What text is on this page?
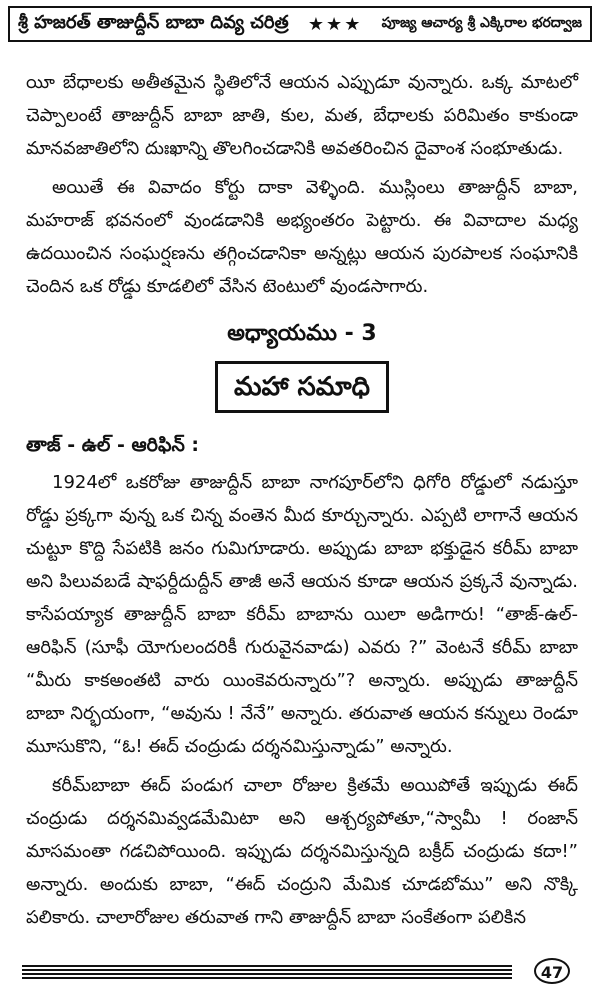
శ్రీ హజరత్ తాజుద్దీన్ బాబా దివ్య చరిత్ర ★★★ పూజ్య ఆచార్య శ్రీ ఎక్కిరాల భరద్వాజ

యీ బేధాలకు అతీతమైన స్థితిలోనే ఆయన ఎప్పుడూ వున్నారు. ఒక్క మాటలో చెప్పాలంటే తాజుద్దీన్ బాబా జాతి, కుల, మత, బేధాలకు పరిమితం కాకుండా మానవజాతిలోని దుఃఖాన్ని తొలగించడానికి అవతరించిన దైవాంశ సంభూతుడు.

అయితే ఈ వివాదం కోర్టు దాకా వెళ్ళింది. ముస్లింలు తాజుద్దీన్ బాబా, మహరాజ్ భవనంలో వుండడానికి అభ్యంతరం పెట్టారు. ఈ వివాదాల మధ్య ఉదయించిన సంఘర్షణను తగ్గించడానికా అన్నట్లు ఆయన పురపాలక సంఘానికి చెందిన ఒక రోడ్డు కూడలిలో వేసిన టెంటులో వుండసాగారు.

అధ్యాయము - 3
మహా సమాధి
తాజ్ - ఉల్ - ఆరిఫిన్ :

1924లో ఒకరోజు తాజుద్దీన్ బాబా నాగపూర్‌లోని ధిగోరి రోడ్డులో నడుస్తూ రోడ్డు ప్రక్కగా వున్న ఒక చిన్న వంతెన మీద కూర్చున్నారు. ఎప్పటి లాగానే ఆయన చుట్టూ కొద్ది సేపటికి జనం గుమిగూడారు. అప్పుడు బాబా భక్తుడైన కరీమ్ బాబా అని పిలువబడే షాఫర్దీదుద్దీన్ తాజీ అనే ఆయన కూడా ఆయన ప్రక్కనే వున్నాడు. కాసేపయ్యాక తాజుద్దీన్ బాబా కరీమ్ బాబాను యిలా అడిగారు! “తాజ్-ఉల్-ఆరిఫిన్ (సూఫీ యోగులందరికీ గురువైనవాడు) ఎవరు ?” వెంటనే కరీమ్ బాబా “మీరు కాకఅంతటి వారు యింకెవరున్నారు”? అన్నారు. అప్పుడు తాజుద్దీన్ బాబా నిర్భయంగా, “అవును ! నేనే” అన్నారు. తరువాత ఆయన కన్నులు రెండూ మూసుకొని, “ఓ! ఈద్ చంద్రుడు దర్శనమిస్తున్నాడు” అన్నారు.

కరీమ్‌బాబా ఈద్ పండుగ చాలా రోజుల క్రితమే అయిపోతే ఇప్పుడు ఈద్ చంద్రుడు దర్శనమివ్వడమేమిటా అని ఆశ్చర్యపోతూ,“స్వామీ ! రంజాన్ మాసమంతా గడచిపోయింది. ఇప్పుడు దర్శనమిస్తున్నది బక్రీద్ చంద్రుడు కదా!” అన్నారు. అందుకు బాబా, “ఈద్ చంద్రుని మేమిక చూడబోము” అని నొక్కి పలికారు. చాలారోజుల తరువాత గాని తాజుద్దీన్ బాబా సంకేతంగా పలికిన

47
